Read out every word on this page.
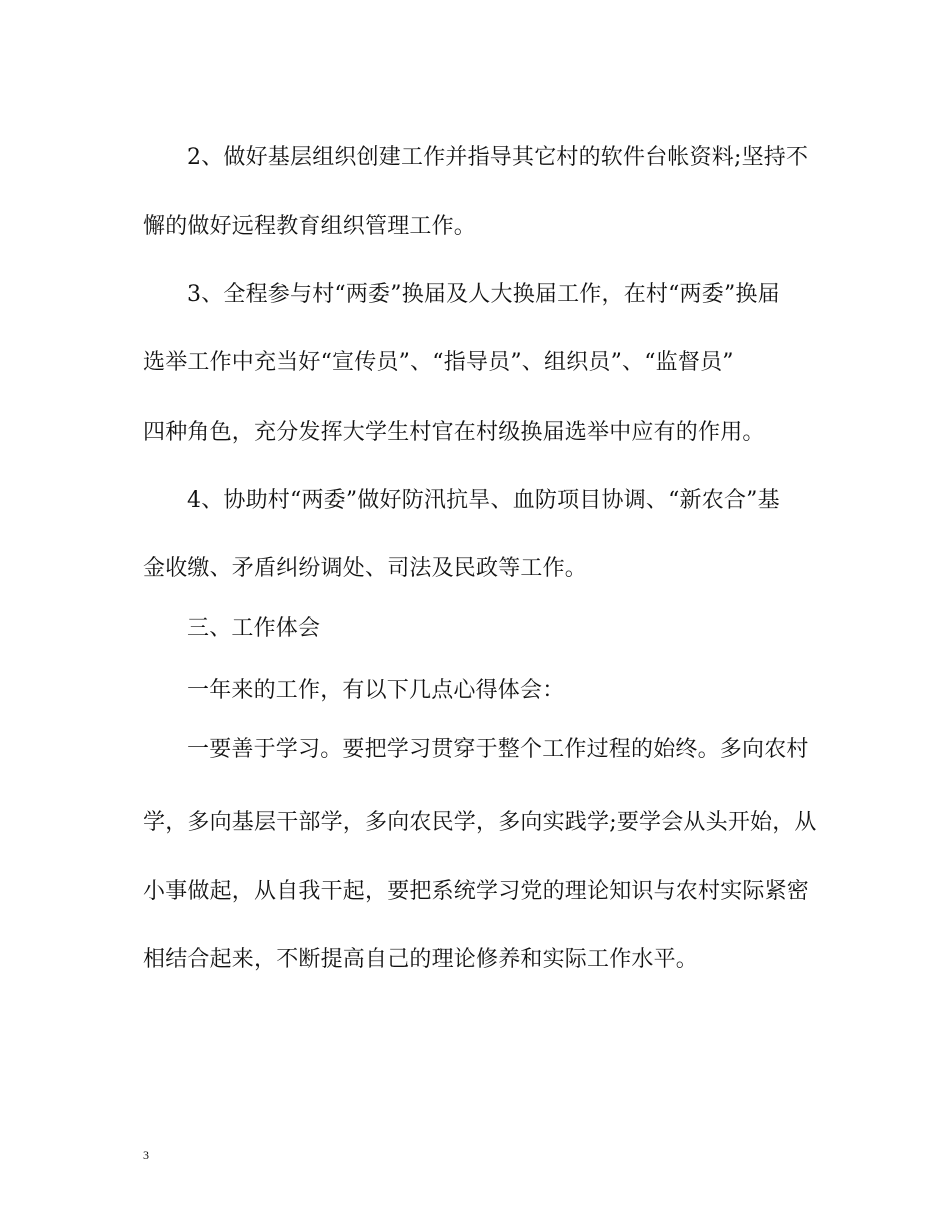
2、做好基层组织创建工作并指导其它村的软件台帐资料;坚持不
懈的做好远程教育组织管理工作。
3、全程参与村“两委”换届及人大换届工作，在村“两委”换届
选举工作中充当好“宣传员”、“指导员”、组织员”、“监督员”
四种角色，充分发挥大学生村官在村级换届选举中应有的作用。
4、协助村“两委”做好防汛抗旱、血防项目协调、“新农合”基
金收缴、矛盾纠纷调处、司法及民政等工作。
三、工作体会
一年来的工作，有以下几点心得体会：
一要善于学习。要把学习贯穿于整个工作过程的始终。多向农村
学，多向基层干部学，多向农民学，多向实践学;要学会从头开始，从
小事做起，从自我干起，要把系统学习党的理论知识与农村实际紧密
相结合起来，不断提高自己的理论修养和实际工作水平。
3
